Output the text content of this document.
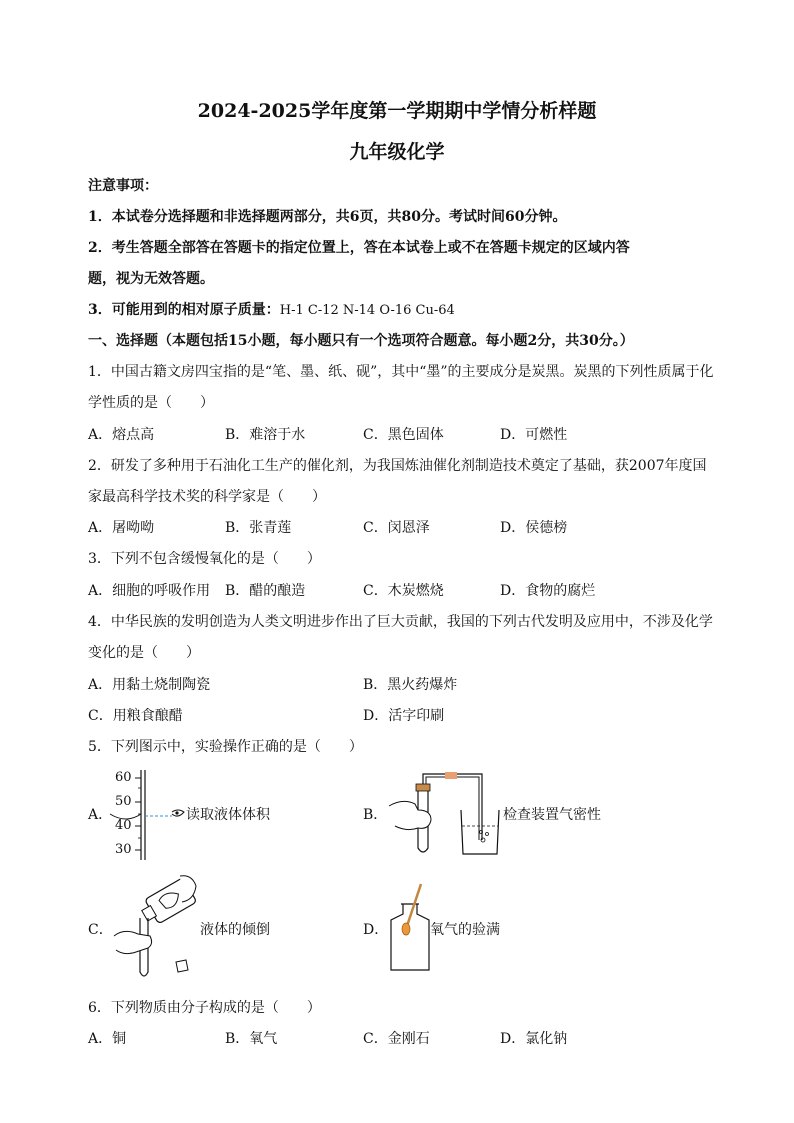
2024-2025学年度第一学期期中学情分析样题
九年级化学
注意事项：
1．本试卷分选择题和非选择题两部分，共6页，共80分。考试时间60分钟。
2．考生答题全部答在答题卡的指定位置上，答在本试卷上或不在答题卡规定的区域内答
题，视为无效答题。
3．可能用到的相对原子质量：H-1 C-12 N-14 O-16 Cu-64
一、选择题（本题包括15小题，每小题只有一个选项符合题意。每小题2分，共30分。）
1．中国古籍文房四宝指的是“笔、墨、纸、砚”，其中“墨”的主要成分是炭黑。炭黑的下列性质属于化
学性质的是（　　）
A．熔点高	B．难溶于水	C．黑色固体	D．可燃性
2．研发了多种用于石油化工生产的催化剂，为我国炼油催化剂制造技术奠定了基础，获2007年度国
家最高科学技术奖的科学家是（　　）
A．屠呦呦	B．张青莲	C．闵恩泽	D．侯德榜
3．下列不包含缓慢氧化的是（　　）
A．细胞的呼吸作用 B．醋的酿造	C．木炭燃烧	D．食物的腐烂
4．中华民族的发明创造为人类文明进步作出了巨大贡献，我国的下列古代发明及应用中，不涉及化学
变化的是（　　）
A．用黏土烧制陶瓷	B．黑火药爆炸
C．用粮食酿醋	D．活字印刷
5．下列图示中，实验操作正确的是（　　）
A．
60
50
40
30
读取液体体积	B．	检查装置气密性
C．	液体的倾倒	D．	氧气的验满
6．下列物质由分子构成的是（　　）
A．铜	B．氧气	C．金刚石	D．氯化钠
